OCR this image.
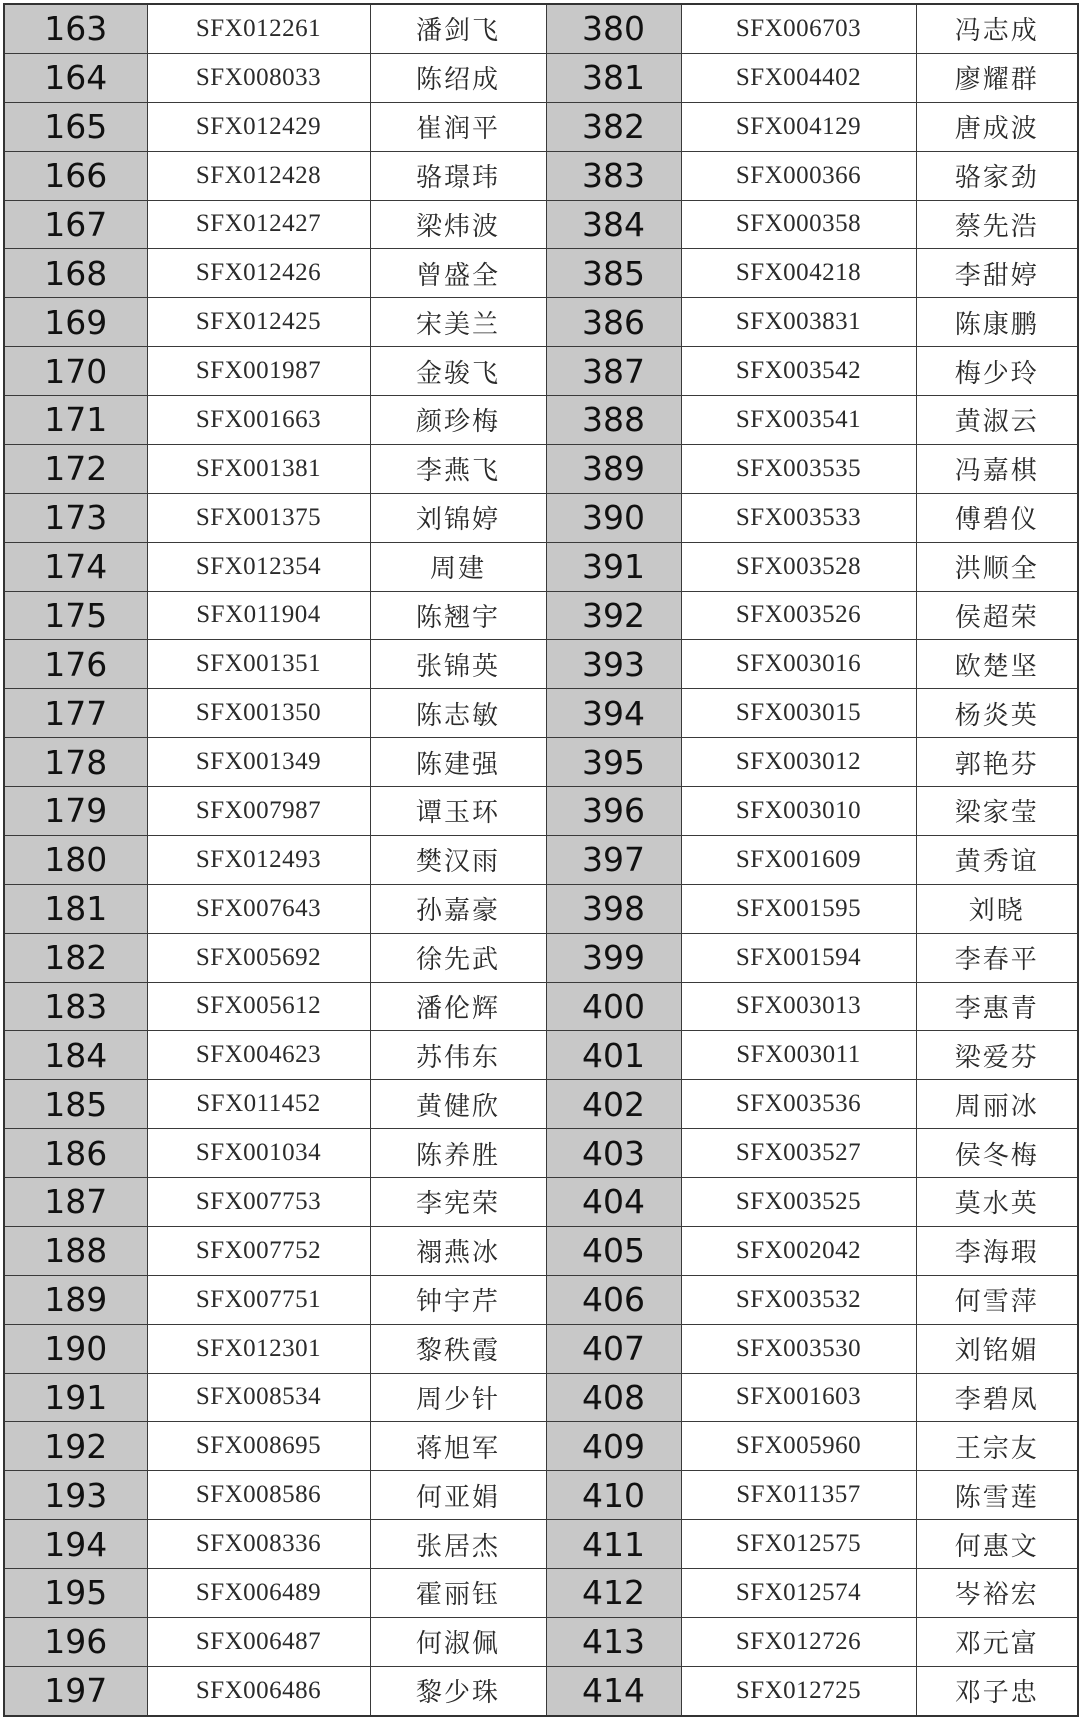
163	SFX012261	潘剑飞	380	SFX006703	冯志成
164	SFX008033	陈绍成	381	SFX004402	廖耀群
165	SFX012429	崔润平	382	SFX004129	唐成波
166	SFX012428	骆璟玮	383	SFX000366	骆家劲
167	SFX012427	梁炜波	384	SFX000358	蔡先浩
168	SFX012426	曾盛全	385	SFX004218	李甜婷
169	SFX012425	宋美兰	386	SFX003831	陈康鹏
170	SFX001987	金骏飞	387	SFX003542	梅少玲
171	SFX001663	颜珍梅	388	SFX003541	黄淑云
172	SFX001381	李燕飞	389	SFX003535	冯嘉棋
173	SFX001375	刘锦婷	390	SFX003533	傅碧仪
174	SFX012354	周建	391	SFX003528	洪顺全
175	SFX011904	陈翘宇	392	SFX003526	侯超荣
176	SFX001351	张锦英	393	SFX003016	欧楚坚
177	SFX001350	陈志敏	394	SFX003015	杨炎英
178	SFX001349	陈建强	395	SFX003012	郭艳芬
179	SFX007987	谭玉环	396	SFX003010	梁家莹
180	SFX012493	樊汉雨	397	SFX001609	黄秀谊
181	SFX007643	孙嘉豪	398	SFX001595	刘晓
182	SFX005692	徐先武	399	SFX001594	李春平
183	SFX005612	潘伦辉	400	SFX003013	李惠青
184	SFX004623	苏伟东	401	SFX003011	梁爱芬
185	SFX011452	黄健欣	402	SFX003536	周丽冰
186	SFX001034	陈养胜	403	SFX003527	侯冬梅
187	SFX007753	李宪荣	404	SFX003525	莫水英
188	SFX007752	禤燕冰	405	SFX002042	李海瑕
189	SFX007751	钟宇芹	406	SFX003532	何雪萍
190	SFX012301	黎秩霞	407	SFX003530	刘铭媚
191	SFX008534	周少针	408	SFX001603	李碧凤
192	SFX008695	蒋旭军	409	SFX005960	王宗友
193	SFX008586	何亚娟	410	SFX011357	陈雪莲
194	SFX008336	张居杰	411	SFX012575	何惠文
195	SFX006489	霍丽钰	412	SFX012574	岑裕宏
196	SFX006487	何淑佩	413	SFX012726	邓元富
197	SFX006486	黎少珠	414	SFX012725	邓子忠
